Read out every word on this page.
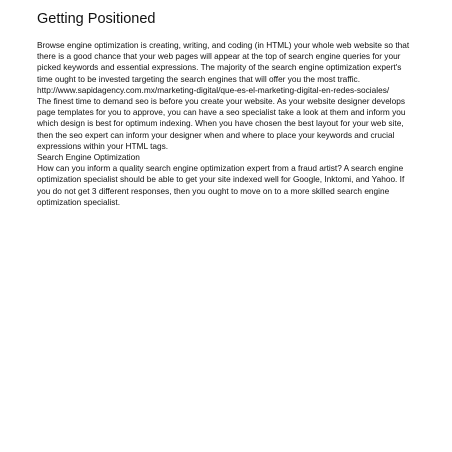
Getting Positioned

Browse engine optimization is creating, writing, and coding (in HTML) your whole web website so that there is a good chance that your web pages will appear at the top of search engine queries for your picked keywords and essential expressions. The majority of the search engine optimization expert's time ought to be invested targeting the search engines that will offer you the most traffic.

http://www.sapidagency.com.mx/marketing-digital/que-es-el-marketing-digital-en-redes-sociales/

The finest time to demand seo is before you create your website. As your website designer develops page templates for you to approve, you can have a seo specialist take a look at them and inform you which design is best for optimum indexing. When you have chosen the best layout for your web site, then the seo expert can inform your designer when and where to place your keywords and crucial expressions within your HTML tags.

Search Engine Optimization

How can you inform a quality search engine optimization expert from a fraud artist? A search engine optimization specialist should be able to get your site indexed well for Google, Inktomi, and Yahoo. If you do not get 3 different responses, then you ought to move on to a more skilled search engine optimization specialist.
